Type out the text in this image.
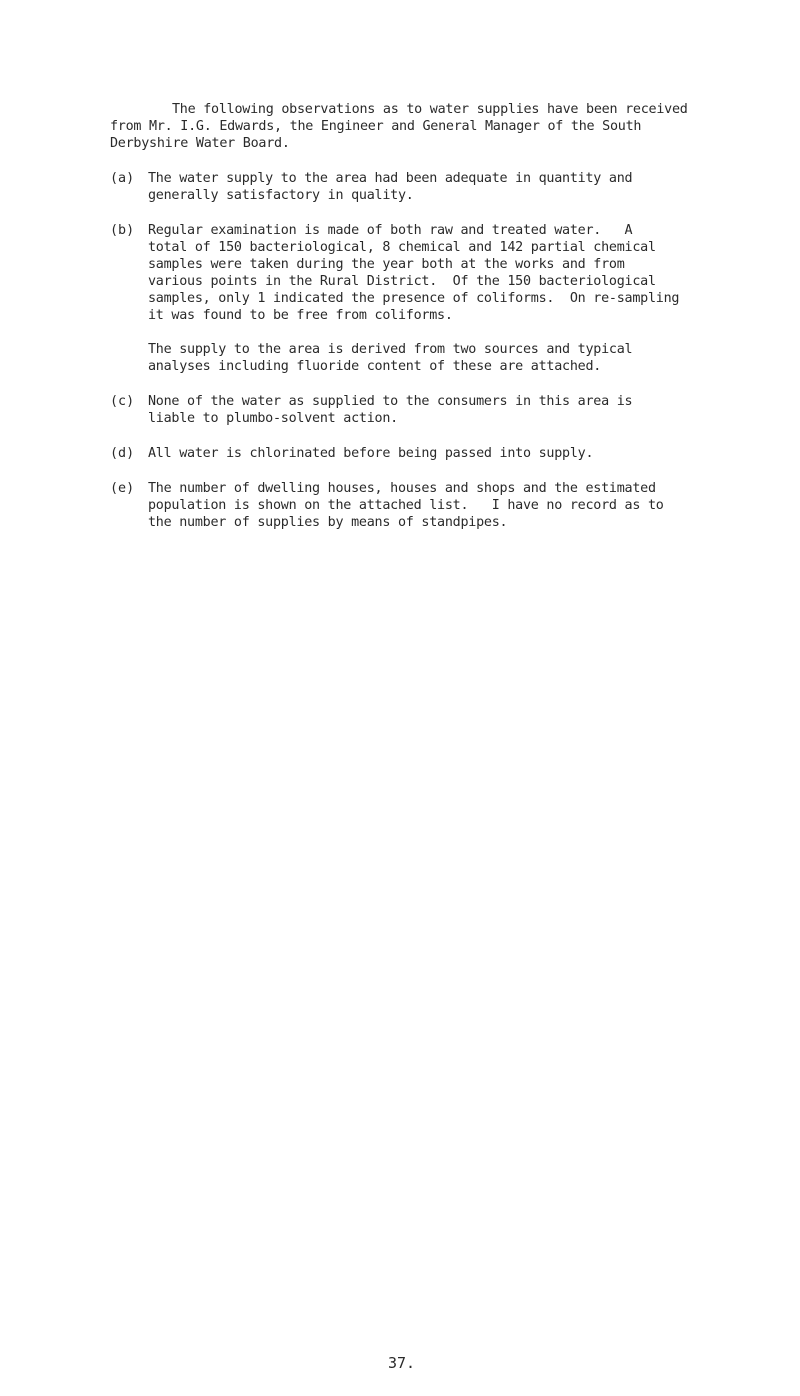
The following observations as to water supplies have been received
from Mr. I.G. Edwards, the Engineer and General Manager of the South
Derbyshire Water Board.
(a) The water supply to the area had been adequate in quantity and
generally satisfactory in quality.
(b) Regular examination is made of both raw and treated water.   A
total of 150 bacteriological, 8 chemical and 142 partial chemical
samples were taken during the year both at the works and from
various points in the Rural District.  Of the 150 bacteriological
samples, only 1 indicated the presence of coliforms.  On re-sampling
it was found to be free from coliforms.
The supply to the area is derived from two sources and typical
analyses including fluoride content of these are attached.
(c) None of the water as supplied to the consumers in this area is
liable to plumbo-solvent action.
(d) All water is chlorinated before being passed into supply.
(e) The number of dwelling houses, houses and shops and the estimated
population is shown on the attached list.   I have no record as to
the number of supplies by means of standpipes.
37.
